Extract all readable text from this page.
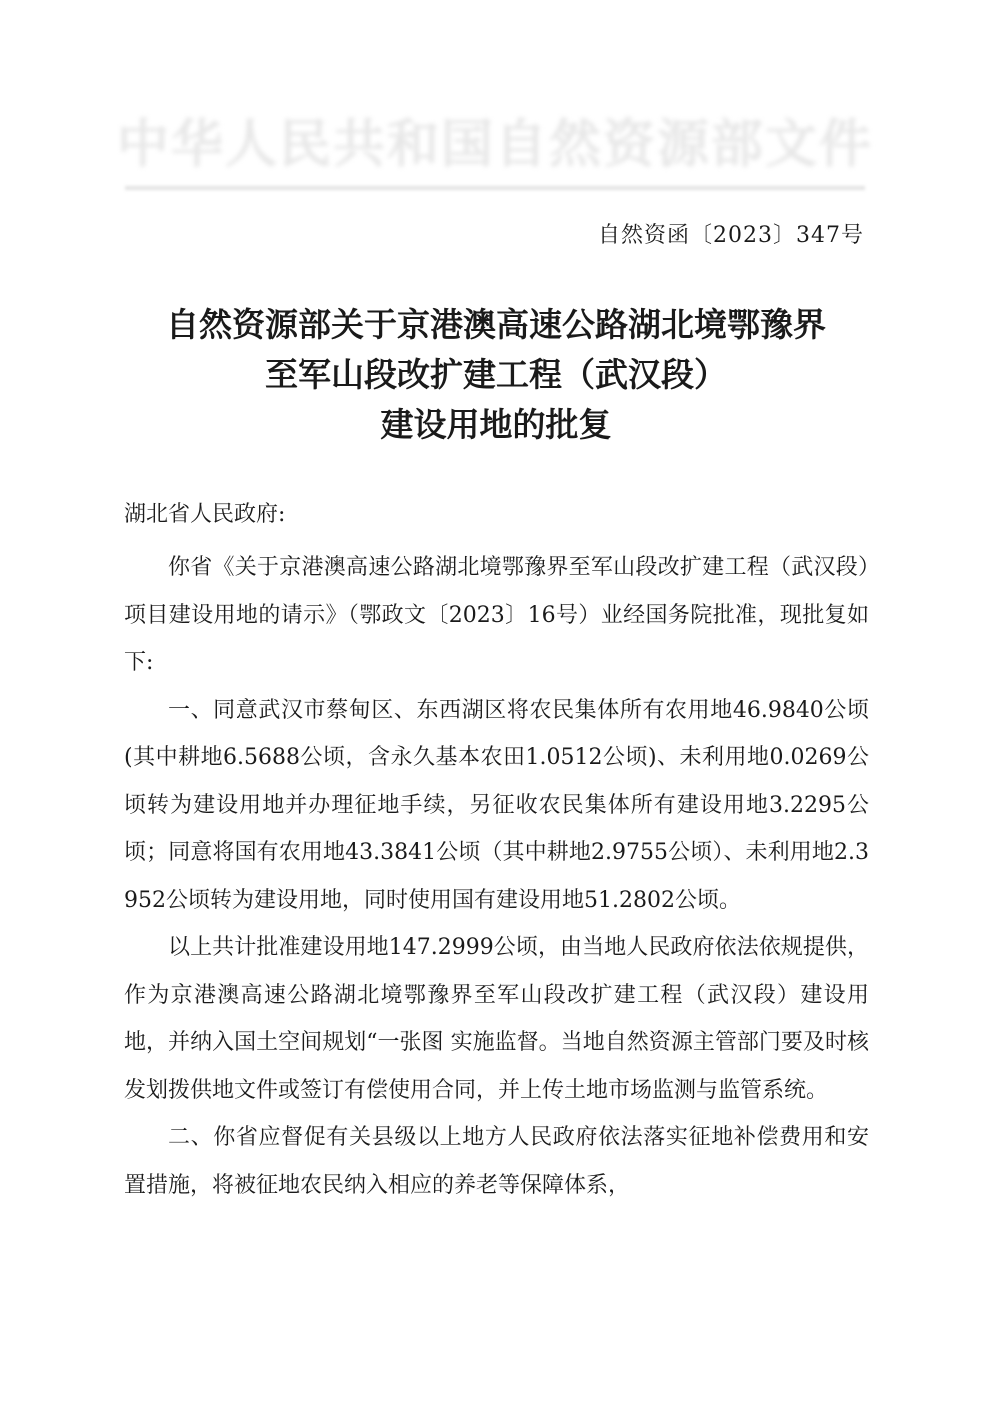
中华人民共和国自然资源部文件
自然资函〔2023〕347号
自然资源部关于京港澳高速公路湖北境鄂豫界
至军山段改扩建工程（武汉段）
建设用地的批复
湖北省人民政府:

你省《关于京港澳高速公路湖北境鄂豫界至军山段改扩建工程（武汉段）项目建设用地的请示》（鄂政文〔2023〕16号）业经国务院批准，现批复如下:

一、同意武汉市蔡甸区、东西湖区将农民集体所有农用地46.9840公顷(其中耕地6.5688公顷，含永久基本农田1.0512公顷)、未利用地0.0269公顷转为建设用地并办理征地手续，另征收农民集体所有建设用地3.2295公顷；同意将国有农用地43.3841公顷（其中耕地2.9755公顷）、未利用地2.3952公顷转为建设用地，同时使用国有建设用地51.2802公顷。

以上共计批准建设用地147.2999公顷，由当地人民政府依法依规提供，作为京港澳高速公路湖北境鄂豫界至军山段改扩建工程（武汉段）建设用地，并纳入国土空间规划“一张图 实施监督。当地自然资源主管部门要及时核发划拨供地文件或签订有偿使用合同，并上传土地市场监测与监管系统。

二、你省应督促有关县级以上地方人民政府依法落实征地补偿费用和安置措施，将被征地农民纳入相应的养老等保障体系，
